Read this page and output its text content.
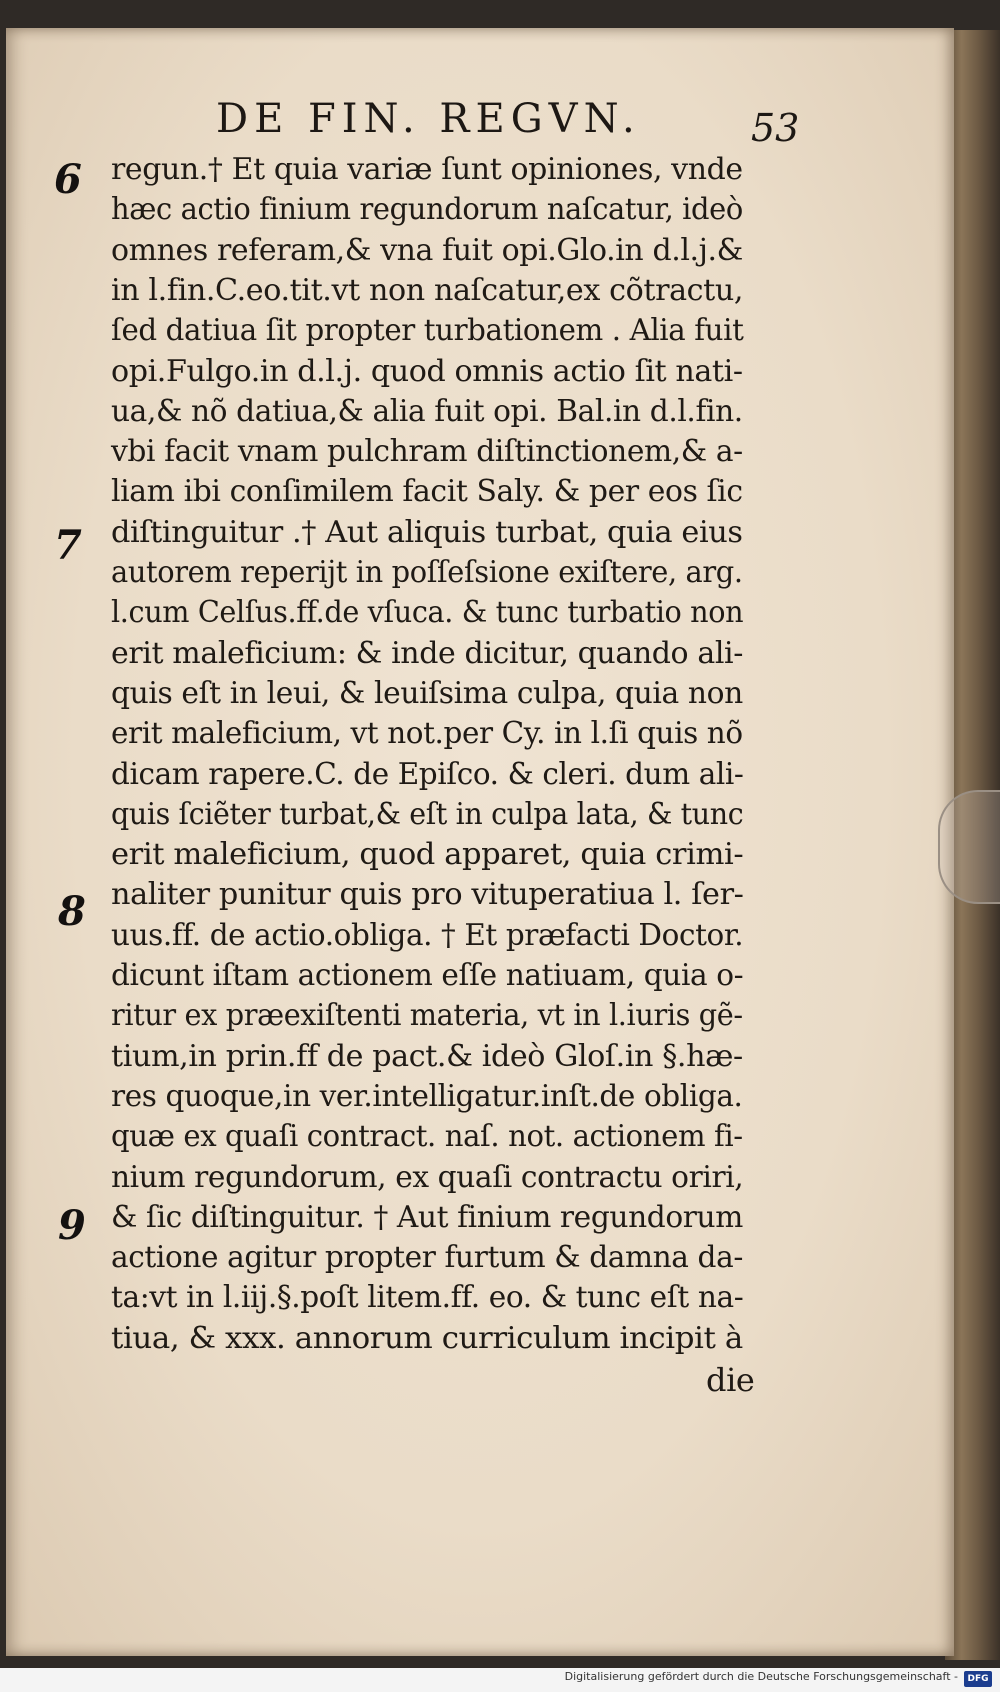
DE FIN. REGVN.	53
6
7
8
9
regun.† Et quia variæ ſunt opiniones, vnde
hæc actio finium regundorum naſcatur, ideò
omnes referam,& vna fuit opi.Glo.in d.l.j.&
in l.fin.C.eo.tit.vt non naſcatur,ex cõtractu,
ſed datiua ſit propter turbationem . Alia fuit
opi.Fulgo.in d.l.j. quod omnis actio ſit nati-
ua,& nõ datiua,& alia fuit opi. Bal.in d.l.fin.
vbi facit vnam pulchram diſtinctionem,& a-
liam ibi conſimilem facit Saly. & per eos ſic
diſtinguitur .† Aut aliquis turbat, quia eius
autorem reperijt in poſſeſsione exiſtere, arg.
l.cum Celſus.ff.de vſuca. & tunc turbatio non
erit maleficium: & inde dicitur, quando ali-
quis eſt in leui, & leuiſsima culpa, quia non
erit maleficium, vt not.per Cy. in l.ſi quis nõ
dicam rapere.C. de Epiſco. & cleri. dum ali-
quis ſciẽter turbat,& eſt in culpa lata, & tunc
erit maleficium, quod apparet, quia crimi-
naliter punitur quis pro vituperatiua l. ſer-
uus.ff. de actio.obliga. † Et præfacti Doctor.
dicunt iſtam actionem eſſe natiuam, quia o-
ritur ex præexiſtenti materia, vt in l.iuris gẽ-
tium,in prin.ff de pact.& ideò Gloſ.in §.hæ-
res quoque,in ver.intelligatur.inſt.de obliga.
quæ ex quaſi contract. naſ. not. actionem fi-
nium regundorum, ex quaſi contractu oriri,
& ſic diſtinguitur. † Aut finium regundorum
actione agitur propter furtum & damna da-
ta:vt in l.iij.§.poſt litem.ff. eo. & tunc eſt na-
tiua, & xxx. annorum curriculum incipit à
die
Digitalisierung gefördert durch die Deutsche Forschungsgemeinschaft -	DFG
